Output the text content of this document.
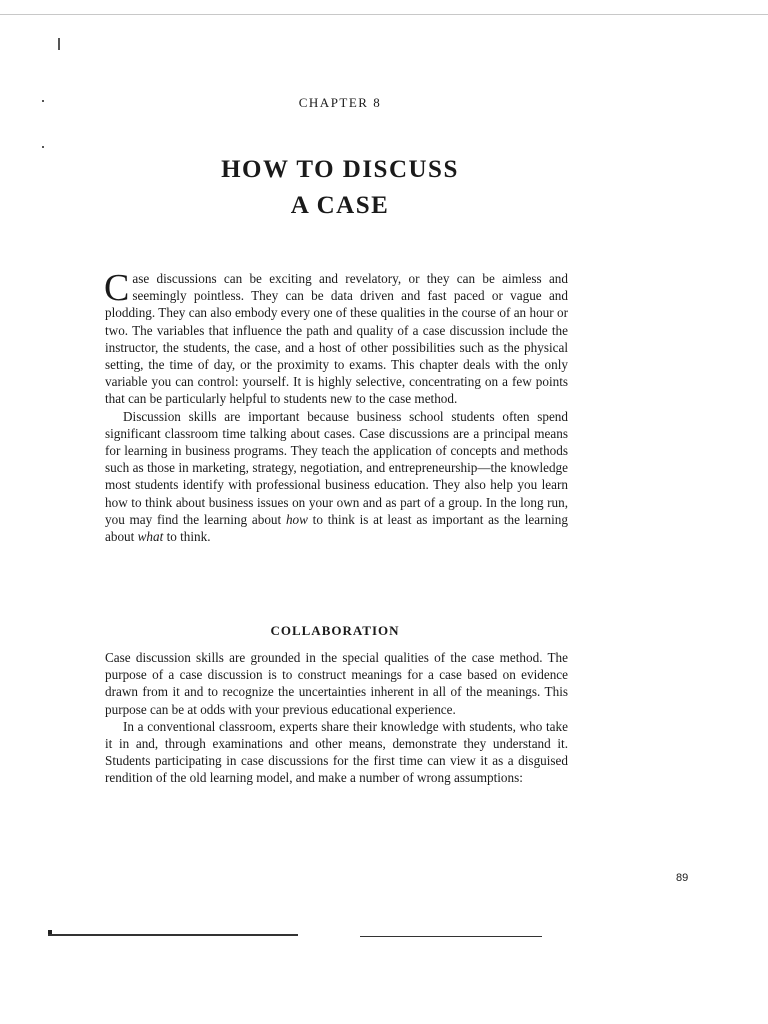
CHAPTER 8
HOW TO DISCUSS
A CASE

Case discussions can be exciting and revelatory, or they can be aimless and seemingly pointless. They can be data driven and fast paced or vague and plodding. They can also embody every one of these qualities in the course of an hour or two. The variables that influence the path and quality of a case discussion include the instructor, the students, the case, and a host of other possibilities such as the physical setting, the time of day, or the proximity to exams. This chapter deals with the only variable you can control: yourself. It is highly selective, concentrating on a few points that can be particularly helpful to students new to the case method.

Discussion skills are important because business school students often spend significant classroom time talking about cases. Case discussions are a principal means for learning in business programs. They teach the application of concepts and methods such as those in marketing, strategy, negotiation, and entrepreneurship—the knowledge most students identify with professional business education. They also help you learn how to think about business issues on your own and as part of a group. In the long run, you may find the learning about how to think is at least as important as the learning about what to think.

COLLABORATION

Case discussion skills are grounded in the special qualities of the case method. The purpose of a case discussion is to construct meanings for a case based on evidence drawn from it and to recognize the uncertainties inherent in all of the meanings. This purpose can be at odds with your previous educational experience.

In a conventional classroom, experts share their knowledge with students, who take it in and, through examinations and other means, demonstrate they understand it. Students participating in case discussions for the first time can view it as a disguised rendition of the old learning model, and make a number of wrong assumptions:

89
